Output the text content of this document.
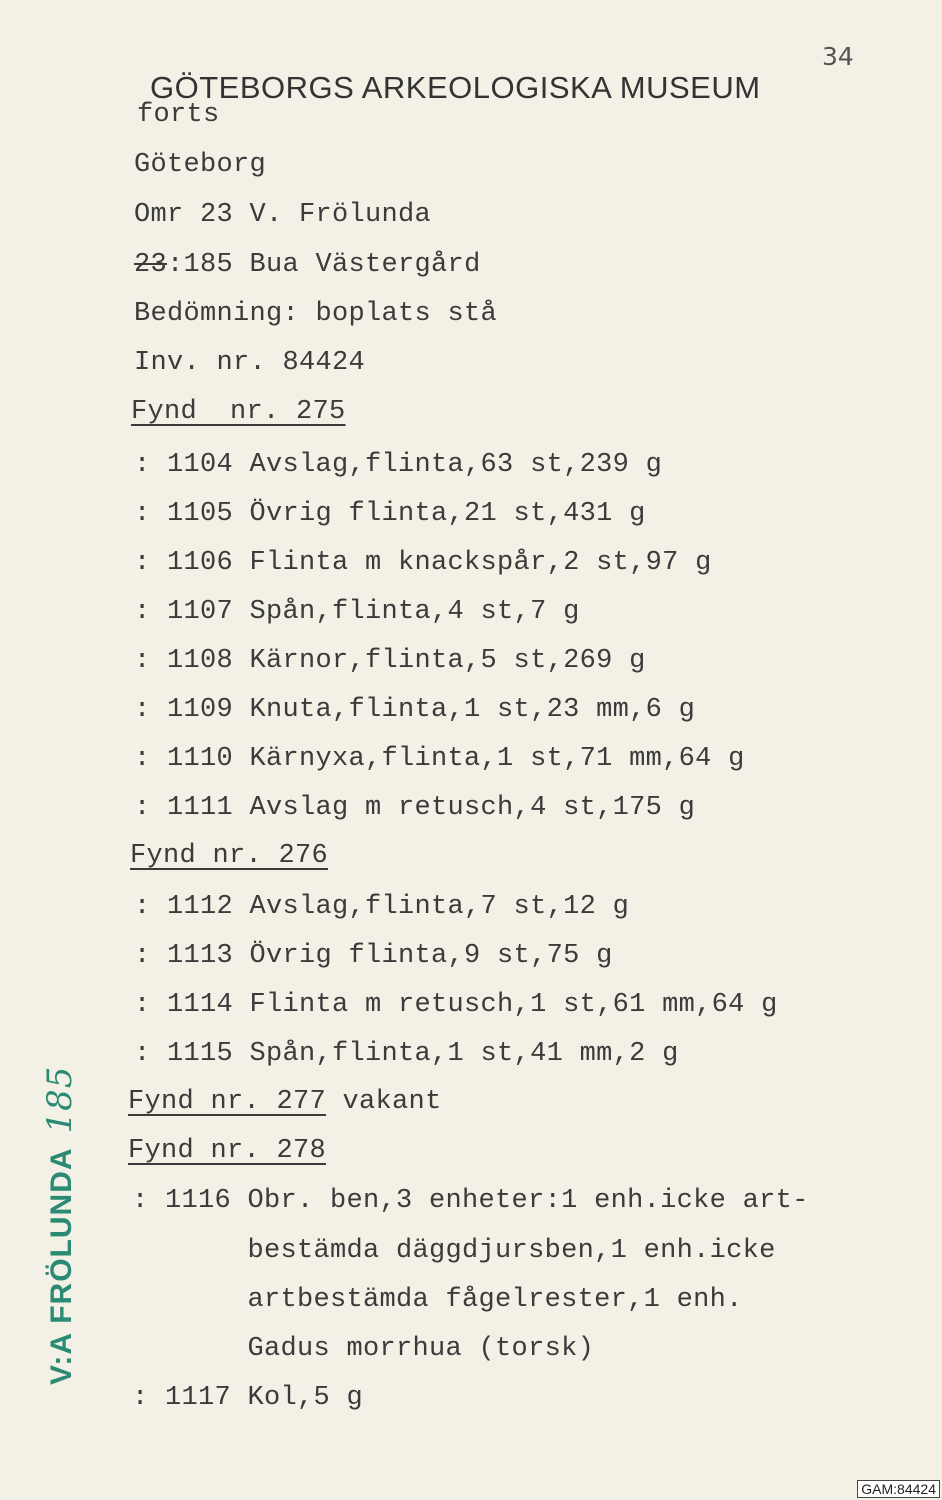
34
GÖTEBORGS ARKEOLOGISKA MUSEUM
forts
Göteborg
Omr 23 V. Frölunda
23:185 Bua Västergård
Bedömning: boplats stå
Inv. nr. 84424
Fynd  nr. 275
: 1104 Avslag,flinta,63 st,239 g
: 1105 Övrig flinta,21 st,431 g
: 1106 Flinta m knackspår,2 st,97 g
: 1107 Spån,flinta,4 st,7 g
: 1108 Kärnor,flinta,5 st,269 g
: 1109 Knuta,flinta,1 st,23 mm,6 g
: 1110 Kärnyxa,flinta,1 st,71 mm,64 g
: 1111 Avslag m retusch,4 st,175 g
Fynd nr. 276
: 1112 Avslag,flinta,7 st,12 g
: 1113 Övrig flinta,9 st,75 g
: 1114 Flinta m retusch,1 st,61 mm,64 g
: 1115 Spån,flinta,1 st,41 mm,2 g
Fynd nr. 277 vakant
Fynd nr. 278
: 1116 Obr. ben,3 enheter:1 enh.icke art-
bestämda däggdjursben,1 enh.icke
artbestämda fågelrester,1 enh.
Gadus morrhua (torsk)
: 1117 Kol,5 g
V:A FRÖLUNDA185
GAM:84424
